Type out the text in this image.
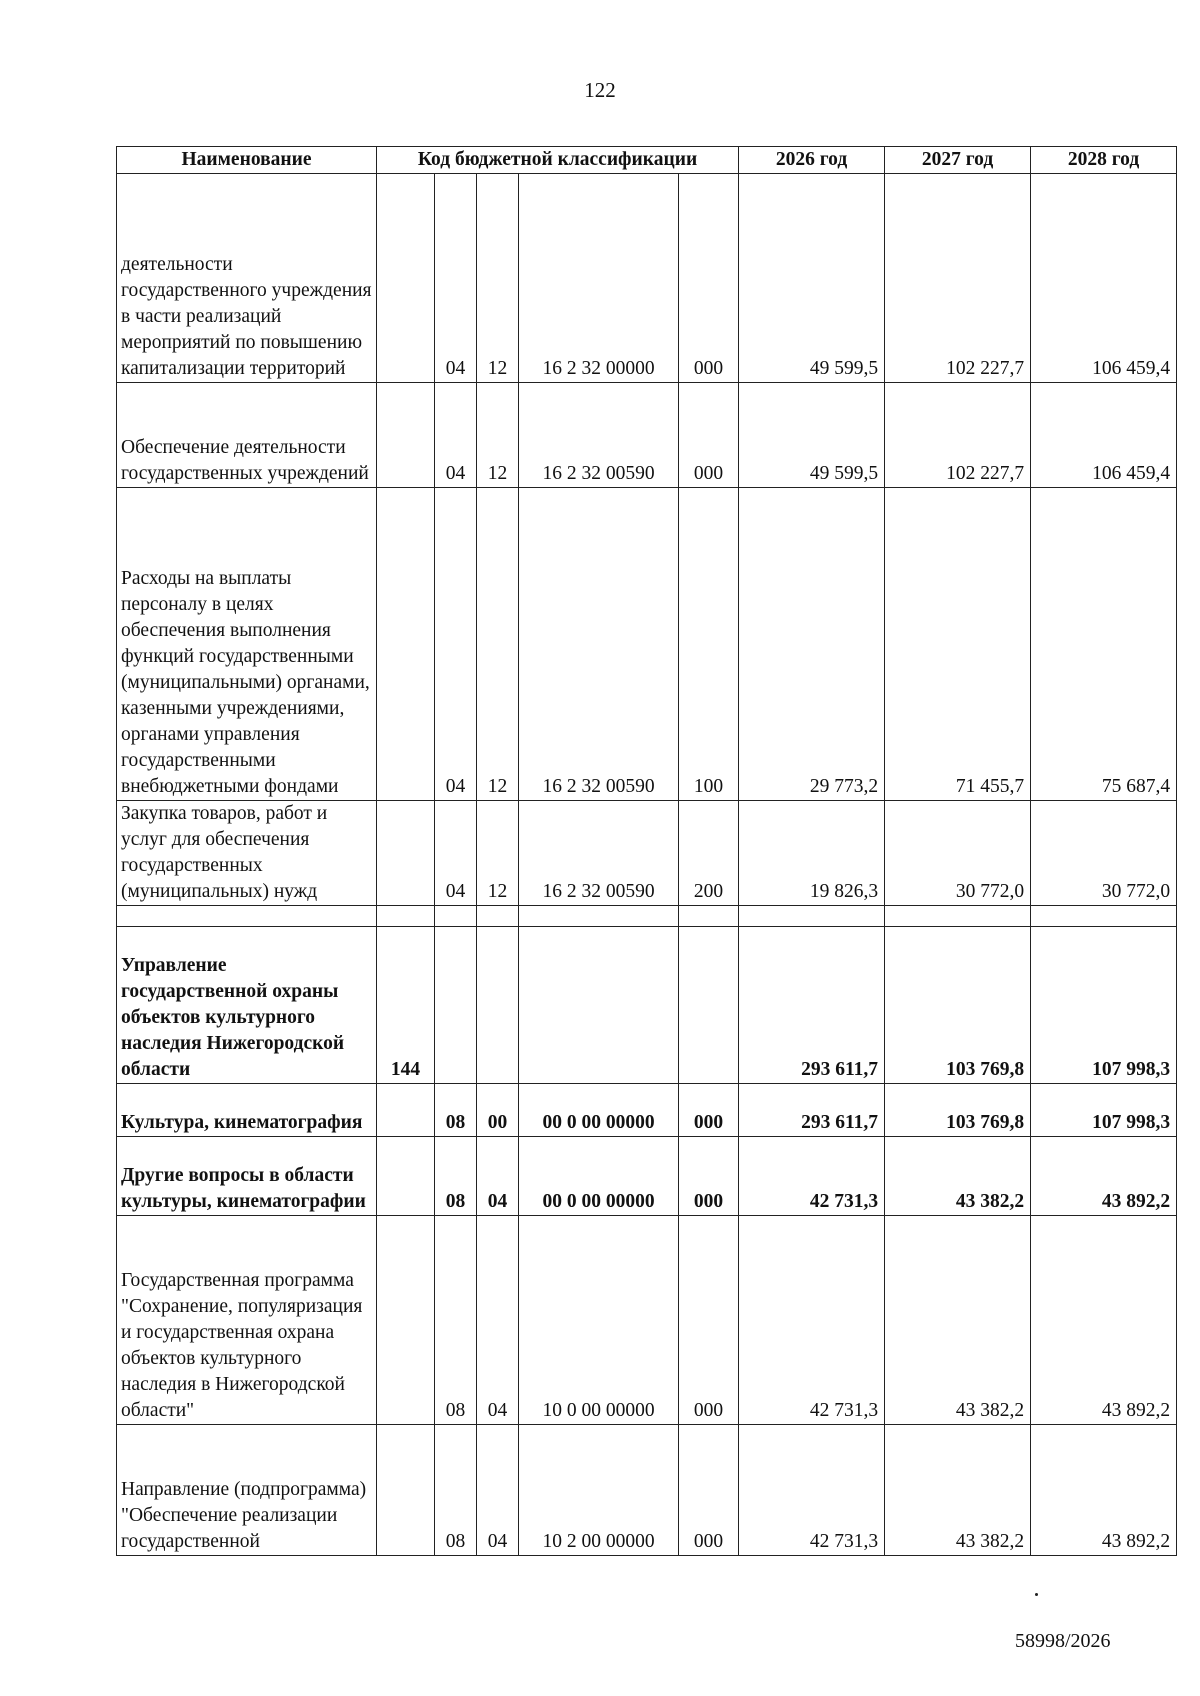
122
Наименование	Код бюджетной классификации					2026 год	2027 год	2028 год
деятельности государственного учреждения в части реализаций мероприятий по повышению капитализации территорий		04	12	16 2 32 00000	000	49 599,5	102 227,7	106 459,4
Обеспечение деятельности государственных учреждений		04	12	16 2 32 00590	000	49 599,5	102 227,7	106 459,4
Расходы на выплаты персоналу в целях обеспечения выполнения функций государственными (муниципальными) органами, казенными учреждениями, органами управления государственными внебюджетными фондами		04	12	16 2 32 00590	100	29 773,2	71 455,7	75 687,4
Закупка товаров, работ и услуг для обеспечения государственных (муниципальных) нужд		04	12	16 2 32 00590	200	19 826,3	30 772,0	30 772,0

Управление государственной охраны объектов культурного наследия Нижегородской области	144					293 611,7	103 769,8	107 998,3
Культура, кинематография		08	00	00 0 00 00000	000	293 611,7	103 769,8	107 998,3
Другие вопросы в области культуры, кинематографии		08	04	00 0 00 00000	000	42 731,3	43 382,2	43 892,2
Государственная программа "Сохранение, популяризация и государственная охрана объектов культурного наследия в Нижегородской области"		08	04	10 0 00 00000	000	42 731,3	43 382,2	43 892,2
Направление (подпрограмма) "Обеспечение реализации государственной		08	04	10 2 00 00000	000	42 731,3	43 382,2	43 892,2
58998/2026
